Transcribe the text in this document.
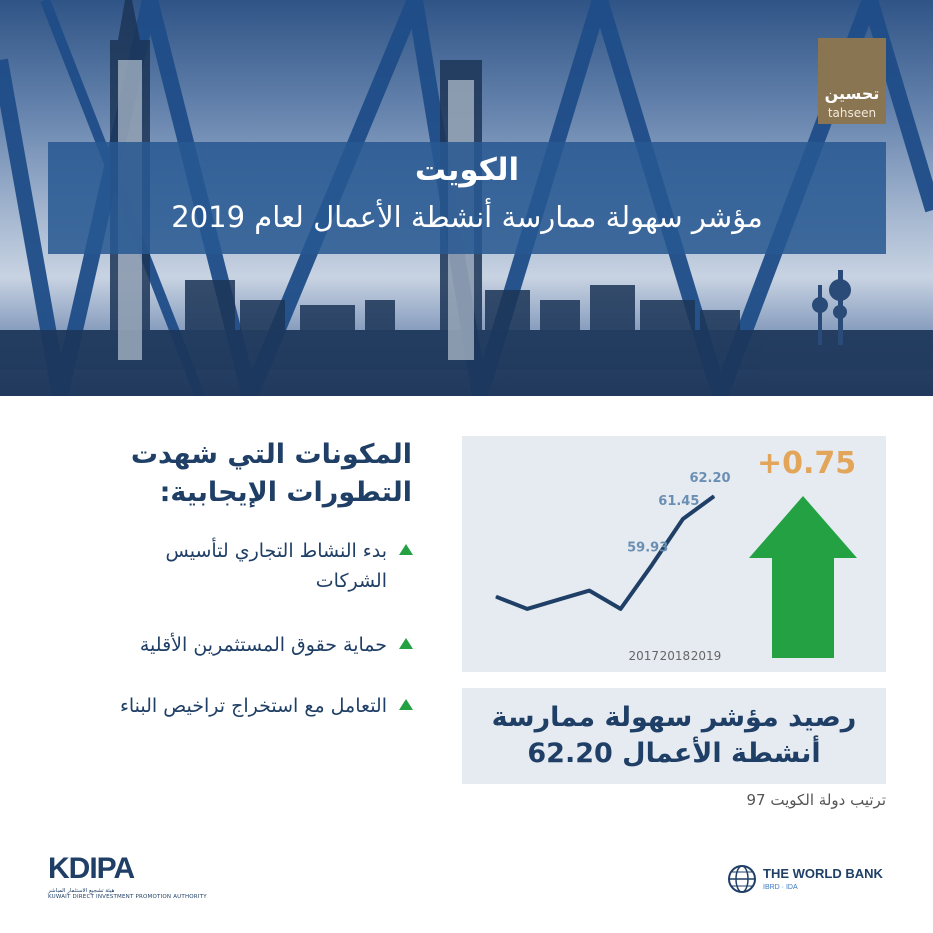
الكويت
مؤشر سهولة ممارسة أنشطة الأعمال لعام 2019
تحسين
tahseen
المكونات التي شهدت
التطورات الإيجابية:
بدء النشاط التجاري لتأسيس
الشركات
حماية حقوق المستثمرين الأقلية
التعامل مع استخراج تراخيص البناء
59.93
2017
61.45
2018
62.20
2019
+0.75
رصيد مؤشر سهولة ممارسة
أنشطة الأعمال 62.20
ترتيب دولة الكويت 97
KDIPA
هيئة تشجيع الاستثمار المباشر
KUWAIT DIRECT INVESTMENT PROMOTION AUTHORITY
THE WORLD BANK
IBRD · IDA
